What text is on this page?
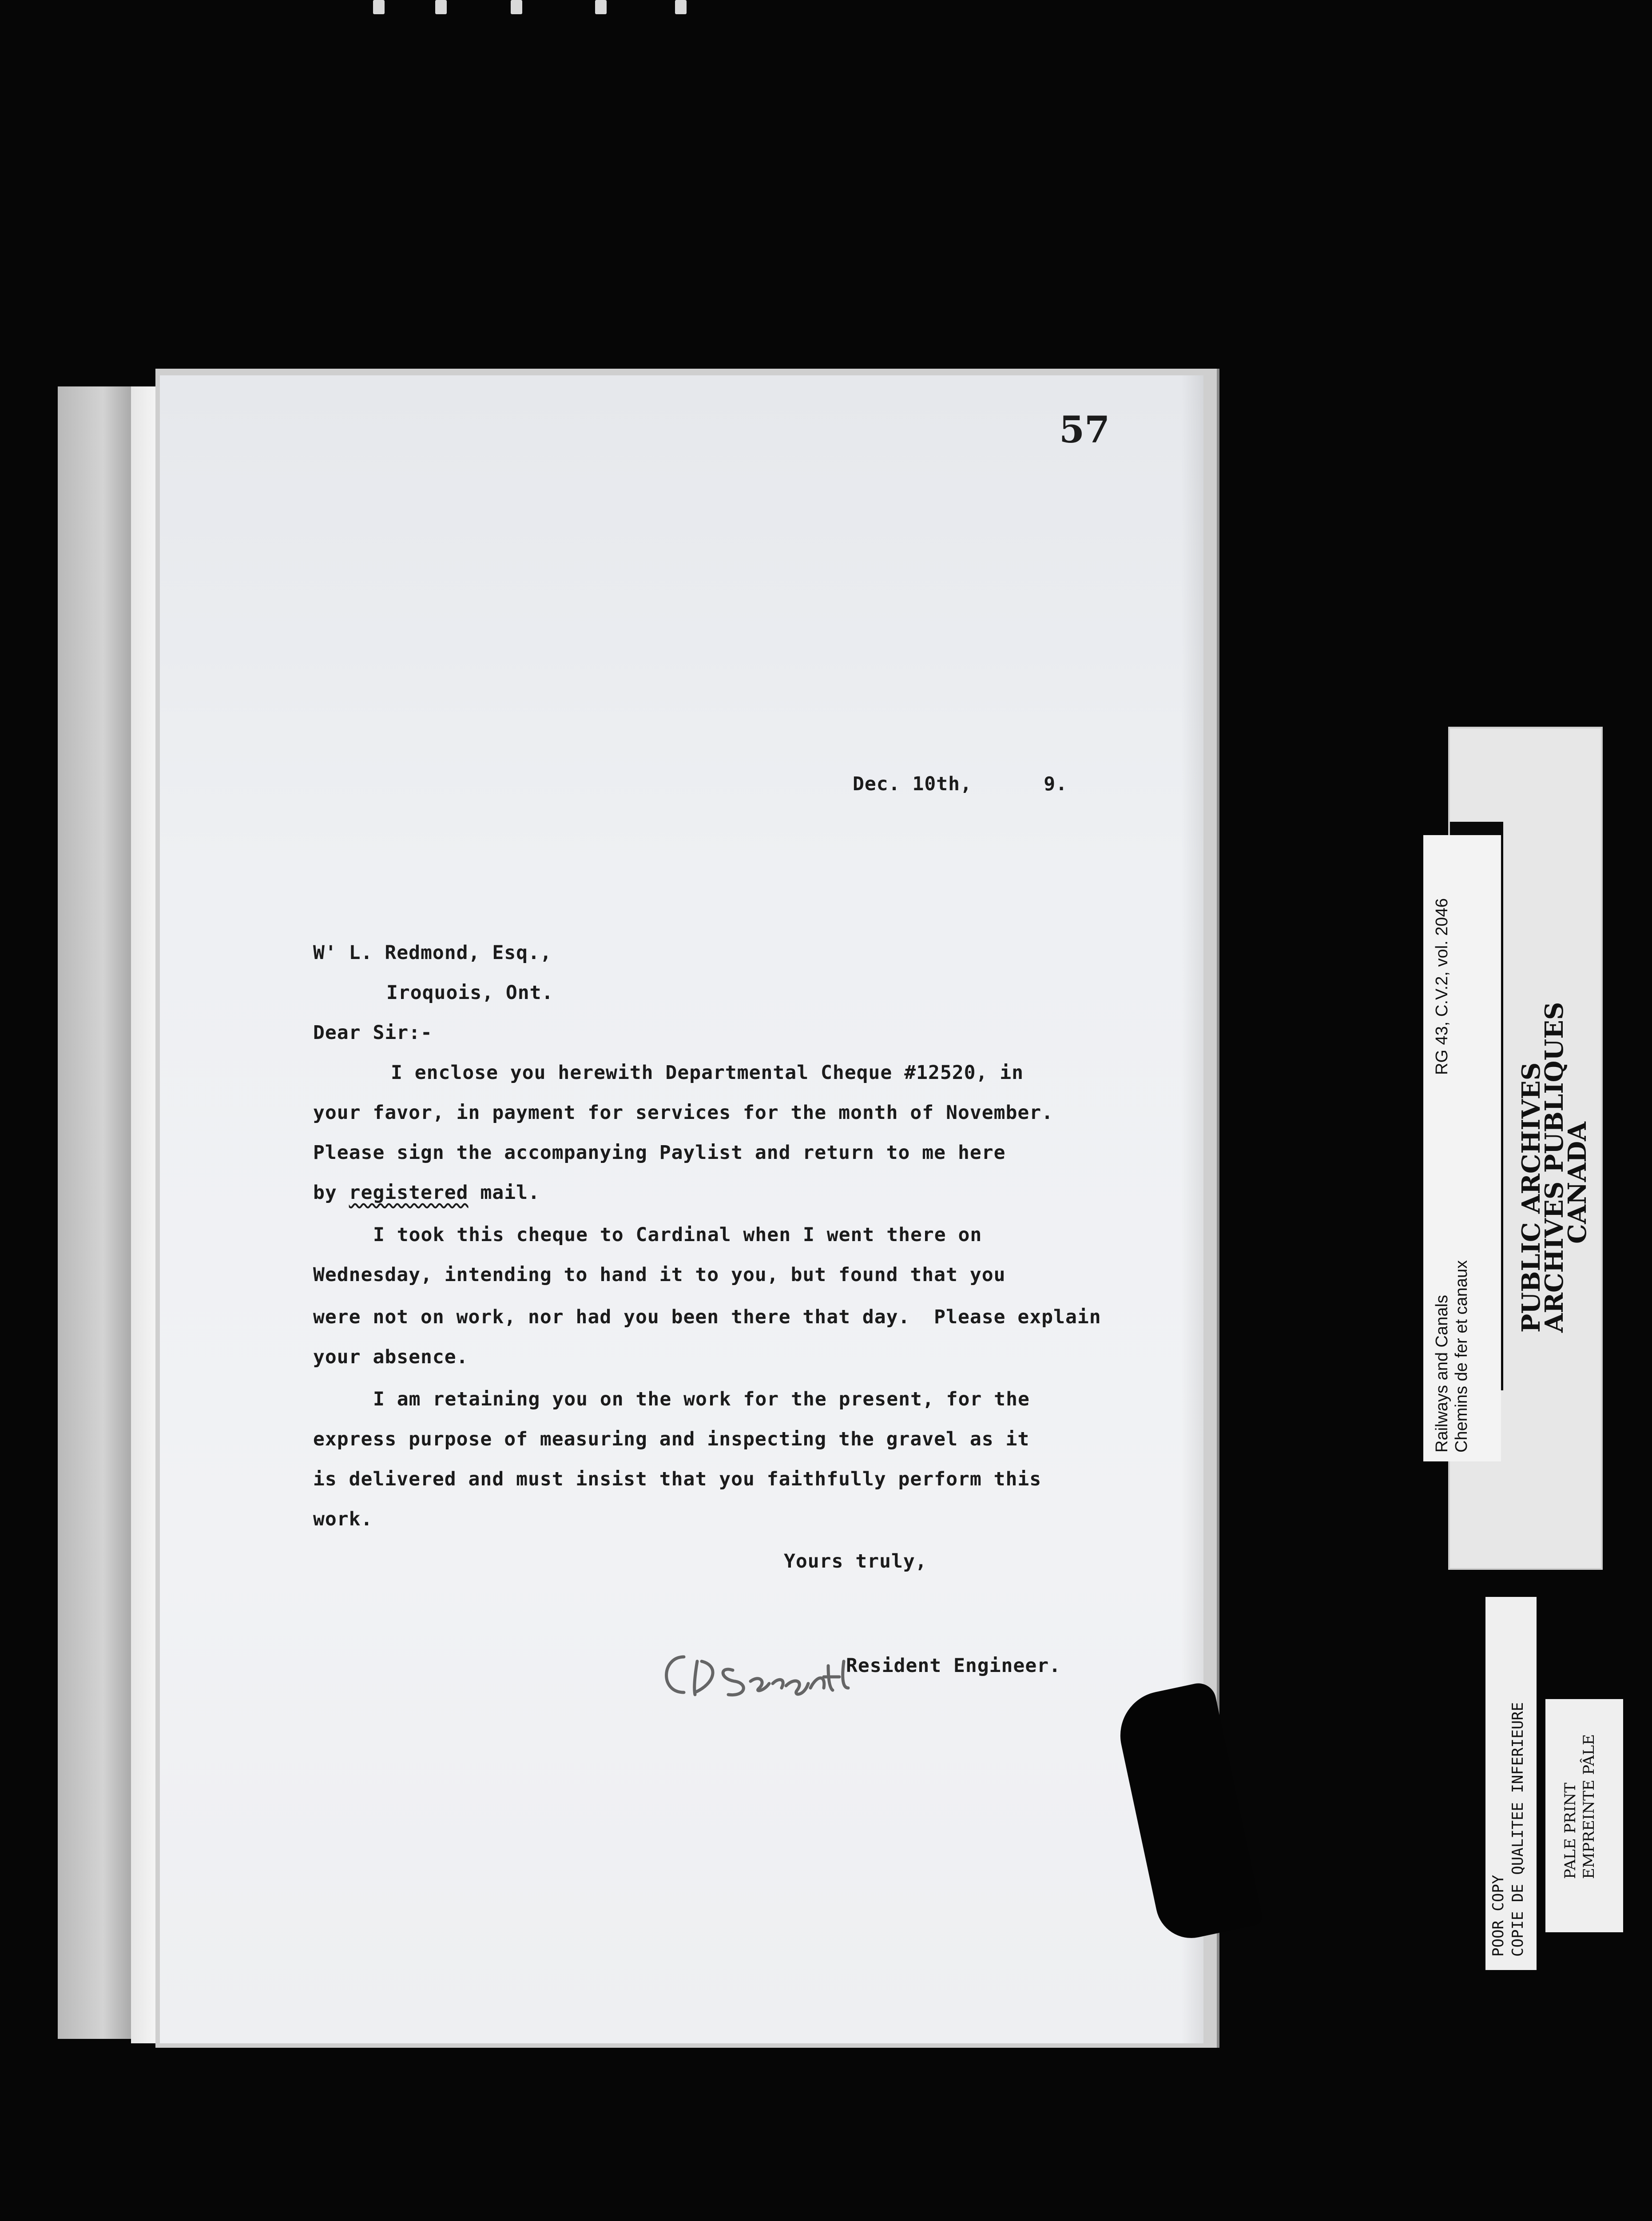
57
Dec. 10th,      9.
W' L. Redmond, Esq.,
Iroquois, Ont.
Dear Sir:-
I enclose you herewith Departmental Cheque #12520, in
your favor, in payment for services for the month of November.
Please sign the accompanying Paylist and return to me here
by registered mail.
I took this cheque to Cardinal when I went there on
Wednesday, intending to hand it to you, but found that you
were not on work, nor had you been there that day.  Please explain
your absence.
I am retaining you on the work for the present, for the
express purpose of measuring and inspecting the gravel as it
is delivered and must insist that you faithfully perform this
work.
Yours truly,
Resident Engineer.
PUBLIC ARCHIVES
ARCHIVES PUBLIQUES
CANADA
Railways and Canals Chemins de fer et canaux
RG 43, C.V.2, vol. 2046
POOR COPY COPIE DE QUALITEE INFERIEURE PALE PRINT EMPREINTE PÂLE
